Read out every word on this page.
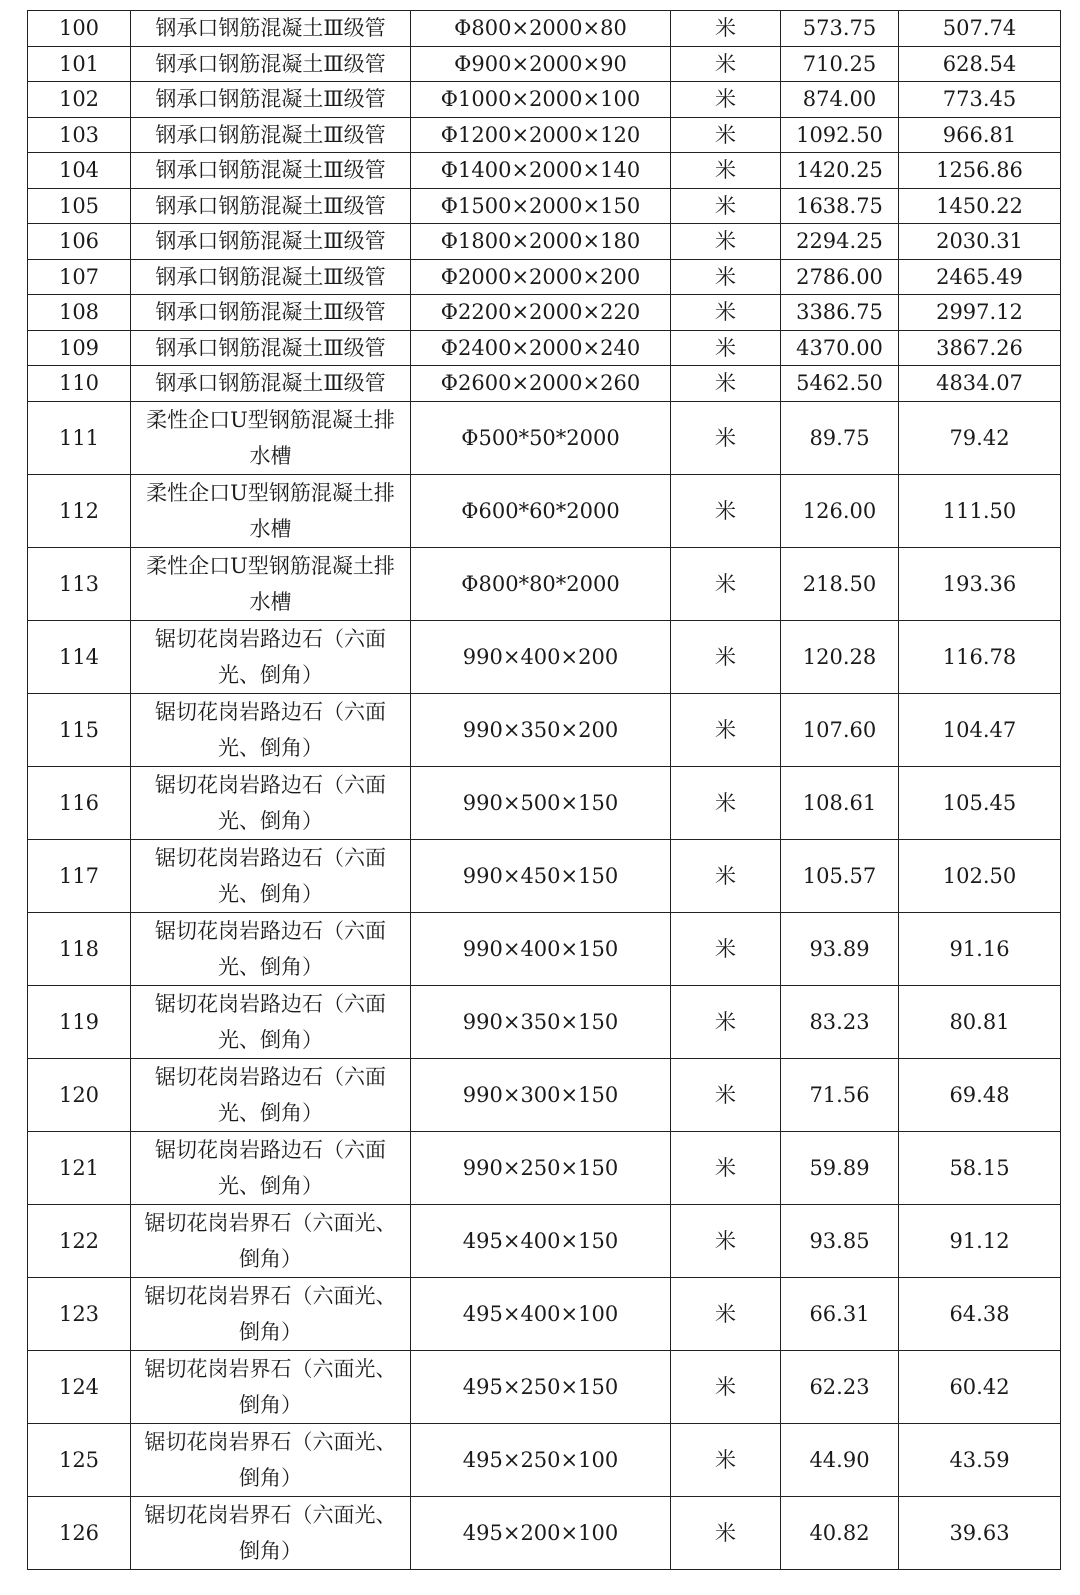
100	钢承口钢筋混凝土Ⅲ级管	Φ800×2000×80	米	573.75	507.74
101	钢承口钢筋混凝土Ⅲ级管	Φ900×2000×90	米	710.25	628.54
102	钢承口钢筋混凝土Ⅲ级管	Φ1000×2000×100	米	874.00	773.45
103	钢承口钢筋混凝土Ⅲ级管	Φ1200×2000×120	米	1092.50	966.81
104	钢承口钢筋混凝土Ⅲ级管	Φ1400×2000×140	米	1420.25	1256.86
105	钢承口钢筋混凝土Ⅲ级管	Φ1500×2000×150	米	1638.75	1450.22
106	钢承口钢筋混凝土Ⅲ级管	Φ1800×2000×180	米	2294.25	2030.31
107	钢承口钢筋混凝土Ⅲ级管	Φ2000×2000×200	米	2786.00	2465.49
108	钢承口钢筋混凝土Ⅲ级管	Φ2200×2000×220	米	3386.75	2997.12
109	钢承口钢筋混凝土Ⅲ级管	Φ2400×2000×240	米	4370.00	3867.26
110	钢承口钢筋混凝土Ⅲ级管	Φ2600×2000×260	米	5462.50	4834.07
111	柔性企口U型钢筋混凝土排水槽	Φ500*50*2000	米	89.75	79.42
112	柔性企口U型钢筋混凝土排水槽	Φ600*60*2000	米	126.00	111.50
113	柔性企口U型钢筋混凝土排水槽	Φ800*80*2000	米	218.50	193.36
114	锯切花岗岩路边石（六面光、倒角）	990×400×200	米	120.28	116.78
115	锯切花岗岩路边石（六面光、倒角）	990×350×200	米	107.60	104.47
116	锯切花岗岩路边石（六面光、倒角）	990×500×150	米	108.61	105.45
117	锯切花岗岩路边石（六面光、倒角）	990×450×150	米	105.57	102.50
118	锯切花岗岩路边石（六面光、倒角）	990×400×150	米	93.89	91.16
119	锯切花岗岩路边石（六面光、倒角）	990×350×150	米	83.23	80.81
120	锯切花岗岩路边石（六面光、倒角）	990×300×150	米	71.56	69.48
121	锯切花岗岩路边石（六面光、倒角）	990×250×150	米	59.89	58.15
122	锯切花岗岩界石（六面光、倒角）	495×400×150	米	93.85	91.12
123	锯切花岗岩界石（六面光、倒角）	495×400×100	米	66.31	64.38
124	锯切花岗岩界石（六面光、倒角）	495×250×150	米	62.23	60.42
125	锯切花岗岩界石（六面光、倒角）	495×250×100	米	44.90	43.59
126	锯切花岗岩界石（六面光、倒角）	495×200×100	米	40.82	39.63
